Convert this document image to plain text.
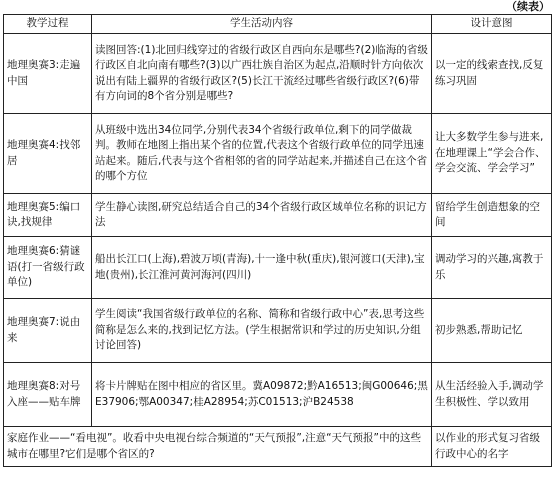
（续表）
教学过程	学生活动内容	设计意图
地理奥赛3:走遍中国	读图回答:(1)北回归线穿过的省级行政区自西向东是哪些?(2)临海的省级行政区自北向南有哪些?(3)以广西壮族自治区为起点,沿顺时针方向依次说出有陆上疆界的省级行政区?(5)长江干流经过哪些省级行政区?(6)带有方向词的8个省分别是哪些?	以一定的线索查找,反复练习巩固
地理奥赛4:找邻居	从班级中选出34位同学,分别代表34个省级行政单位,剩下的同学做裁判。教师在地图上指出某个省的位置,代表这个省级行政单位的同学迅速站起来。随后,代表与这个省相邻的省的同学站起来,并描述自己在这个省的哪个方位	让大多数学生参与进来,在地理课上“学会合作、学会交流、学会学习”
地理奥赛5:编口诀,找规律	学生静心读图,研究总结适合自己的34个省级行政区域单位名称的识记方法	留给学生创造想象的空间
地理奥赛6:猜谜语(打一省级行政单位)	船出长江口(上海),碧波万顷(青海),十一逢中秋(重庆),银河渡口(天津),宝地(贵州),长江淮河黄河海河(四川)	调动学习的兴趣,寓教于乐
地理奥赛7:说由来	学生阅读“我国省级行政单位的名称、简称和省级行政中心”表,思考这些简称是怎么来的,找到记忆方法。(学生根据常识和学过的历史知识,分组讨论回答)	初步熟悉,帮助记忆
地理奥赛8:对号入座——贴车牌	将卡片牌贴在图中相应的省区里。冀A09872;黔A16513;闽G00646;黑E37906;鄂A00347;桂A28954;苏C01513;沪B24538	从生活经验入手,调动学生积极性、学以致用
家庭作业——“看电视”。收看中央电视台综合频道的“天气预报”,注意“天气预报”中的这些城市在哪里?它们是哪个省区的?		以作业的形式复习省级行政中心的名字
